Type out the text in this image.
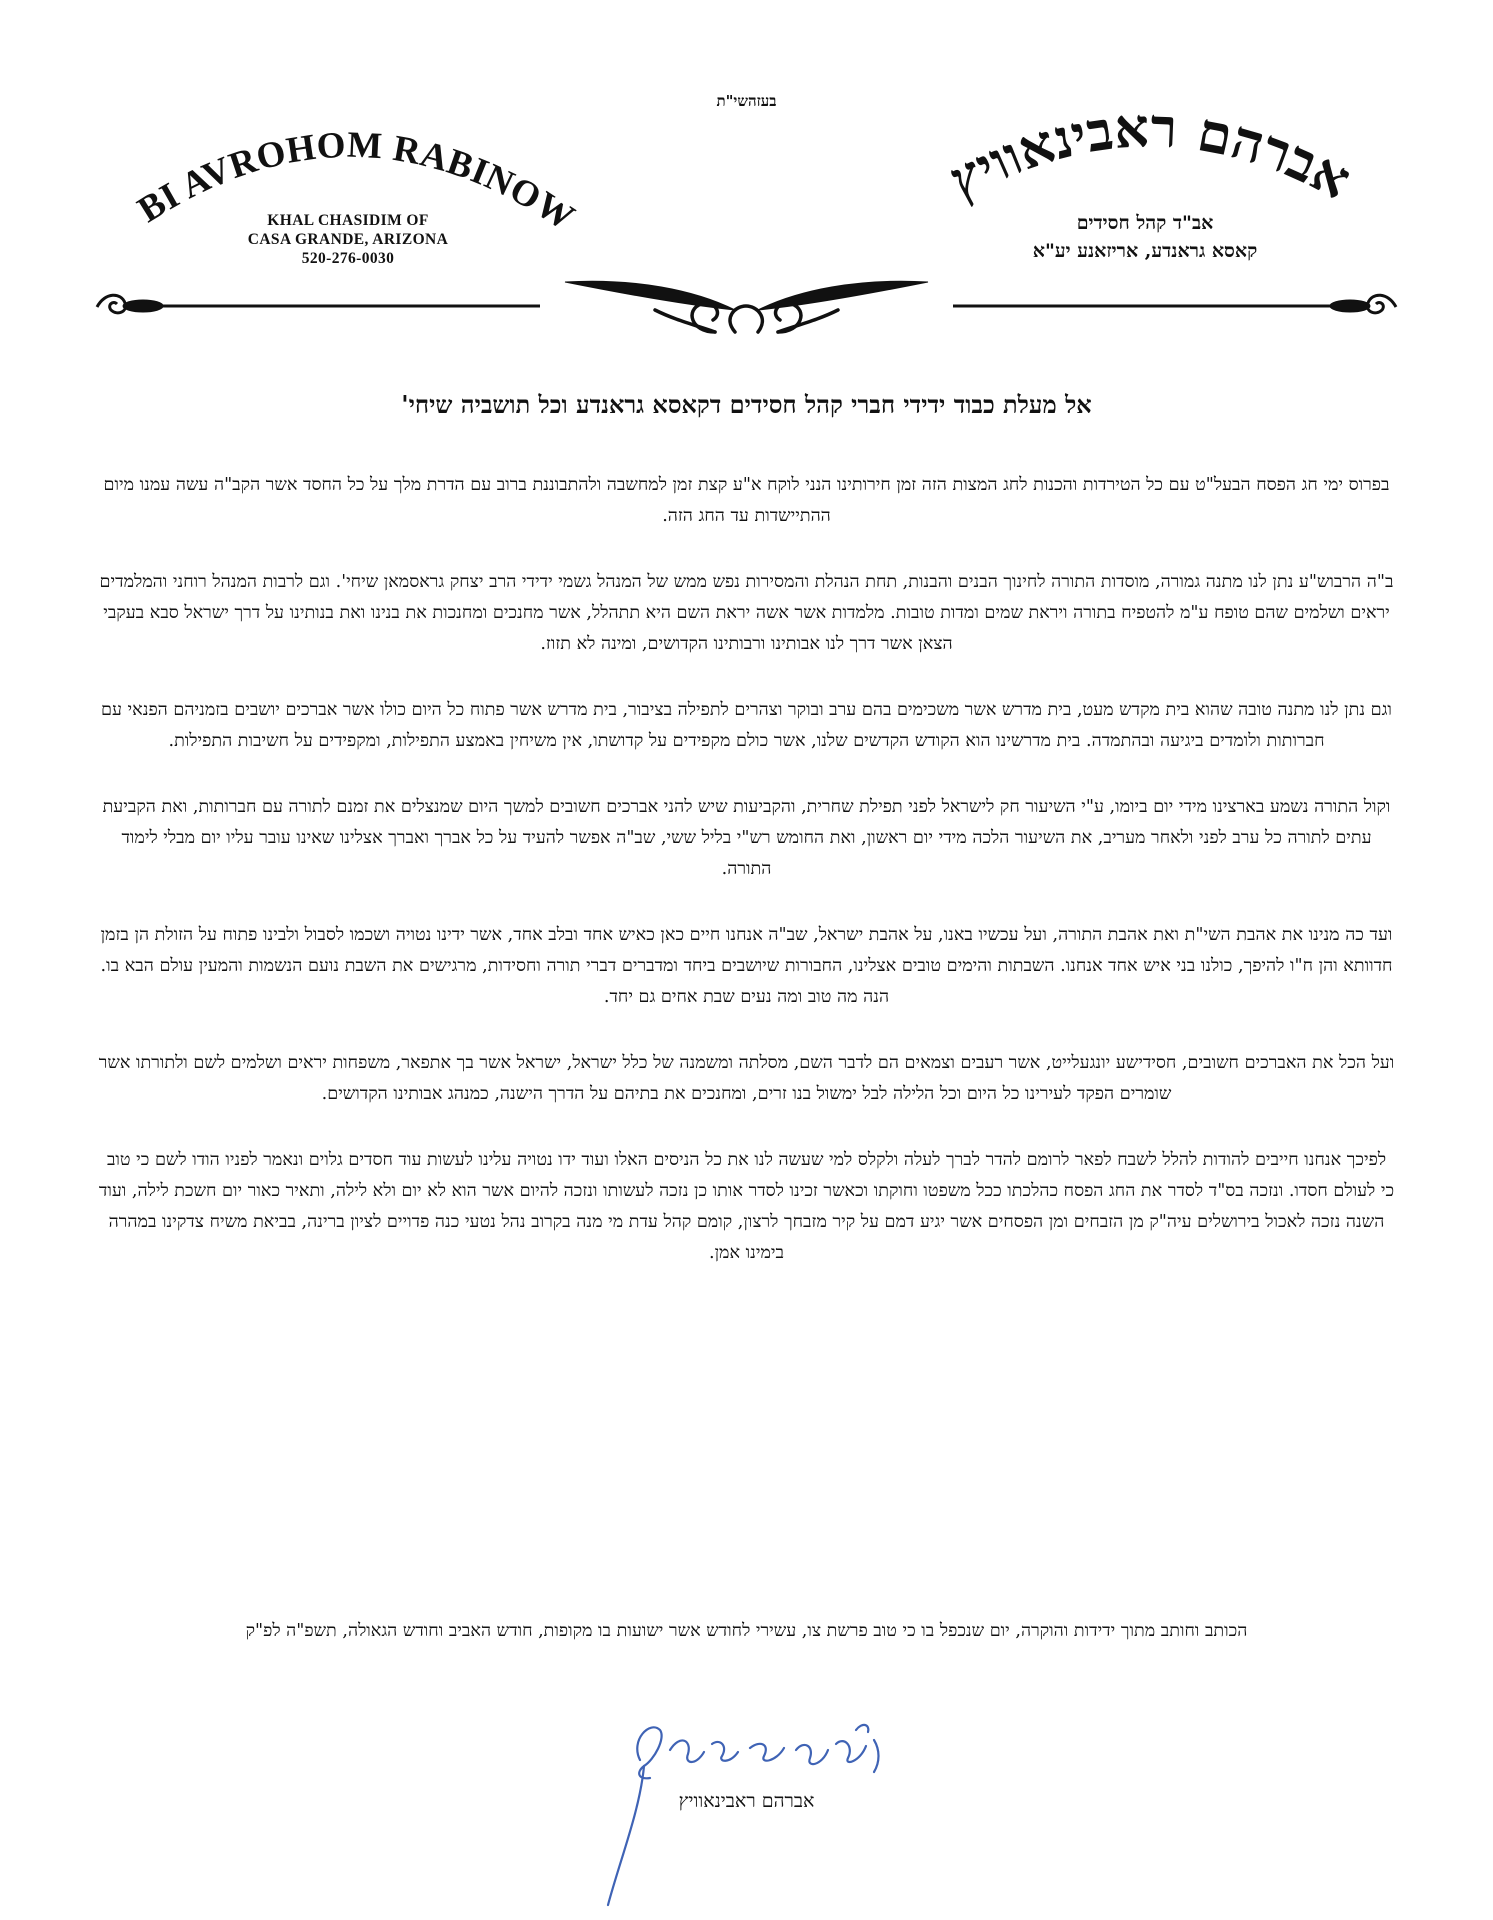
בעזהשי"ת
RABBI AVROHOM RABINOWITZ
KHAL CHASIDIM OF
CASA GRANDE, ARIZONA
520-276-0030
אברהם ראבינאוויץ
אב"ד קהל חסידים
קאסא גראנדע, אריזאנע יע"א
אל מעלת כבוד ידידי חברי קהל חסידים דקאסא גראנדע וכל תושביה שיחי'

בפרוס ימי חג הפסח הבעל"ט עם כל הטירדות והכנות לחג המצות הזה זמן חירותינו הנני לוקח א"ע קצת זמן למחשבה ולהתבוננת ברוב עם הדרת מלך על כל החסד אשר הקב"ה עשה עמנו מיום ההתיישדות עד החג הזה.

ב"ה הרבוש"ע נתן לנו מתנה גמורה, מוסדות התורה לחינוך הבנים והבנות, תחת הנהלת והמסירות נפש ממש של המנהל גשמי ידידי הרב יצחק גראסמאן שיחי'. וגם לרבות המנהל רוחני והמלמדים יראים ושלמים שהם טופח ע"מ להטפיח בתורה ויראת שמים ומדות טובות. מלמדות אשר אשה יראת השם היא תתהלל, אשר מחנכים ומחנכות את בנינו ואת בנותינו על דרך ישראל סבא בעקבי הצאן אשר דרך לנו אבותינו ורבותינו הקדושים, ומינה לא תזוז.

וגם נתן לנו מתנה טובה שהוא בית מקדש מעט, בית מדרש אשר משכימים בהם ערב ובוקר וצהרים לתפילה בציבור, בית מדרש אשר פתוח כל היום כולו אשר אברכים יושבים בזמניהם הפנאי עם חברותות ולומדים ביגיעה ובהתמדה. בית מדרשינו הוא הקודש הקדשים שלנו, אשר כולם מקפידים על קדושתו, אין משיחין באמצע התפילות, ומקפידים על חשיבות התפילות.

וקול התורה נשמע בארצינו מידי יום ביומו, ע"י השיעור חק לישראל לפני תפילת שחרית, והקביעות שיש להני אברכים חשובים למשך היום שמנצלים את זמנם לתורה עם חברותות, ואת הקביעת עתים לתורה כל ערב לפני ולאחר מעריב, את השיעור הלכה מידי יום ראשון, ואת החומש רש"י בליל ששי, שב"ה אפשר להעיד על כל אברך ואברך אצלינו שאינו עובר עליו יום מבלי לימוד התורה.

ועד כה מנינו את אהבת השי"ת ואת אהבת התורה, ועל עכשיו באנו, על אהבת ישראל, שב"ה אנחנו חיים כאן כאיש אחד ובלב אחד, אשר ידינו נטויה ושכמו לסבול ולבינו פתוח על הזולת הן בזמן חדוותא והן ח"ו להיפך, כולנו בני איש אחד אנחנו. השבתות והימים טובים אצלינו, החבורות שיושבים ביחד ומדברים דברי תורה וחסידות, מרגישים את השבת נועם הנשמות והמעין עולם הבא בו. הנה מה טוב ומה נעים שבת אחים גם יחד.

ועל הכל את האברכים חשובים, חסידישע יונגעלייט, אשר רעבים וצמאים הם לדבר השם, מסלתה ומשמנה של כלל ישראל, ישראל אשר בך אתפאר, משפחות יראים ושלמים לשם ולתורתו אשר שומרים הפקד לעירינו כל היום וכל הלילה לבל ימשול בנו זרים, ומחנכים את בתיהם על הדרך הישנה, כמנהג אבותינו הקדושים.

לפיכך אנחנו חייבים להודות להלל לשבח לפאר לרומם להדר לברך לעלה ולקלס למי שעשה לנו את כל הניסים האלו ועוד ידו נטויה עלינו לעשות עוד חסדים גלוים ונאמר לפניו הודו לשם כי טוב כי לעולם חסדו. ונזכה בס"ד לסדר את החג הפסח כהלכתו ככל משפטו וחוקתו וכאשר זכינו לסדר אותו כן נזכה לעשותו ונזכה להיום אשר הוא לא יום ולא לילה, ותאיר כאור יום חשכת לילה, ועוד השנה נזכה לאכול בירושלים עיה"ק מן הזבחים ומן הפסחים אשר יגיע דמם על קיר מזבחך לרצון, קומם קהל עדת מי מנה בקרוב נהל נטעי כנה פדויים לציון ברינה, בביאת משיח צדקינו במהרה בימינו אמן.

הכותב וחותב מתוך ידידות והוקרה, יום שנכפל בו כי טוב פרשת צו, עשירי לחודש אשר ישועות בו מקופות, חודש האביב וחודש הגאולה, תשפ"ה לפ"ק
אברהם ראבינאוויץ
